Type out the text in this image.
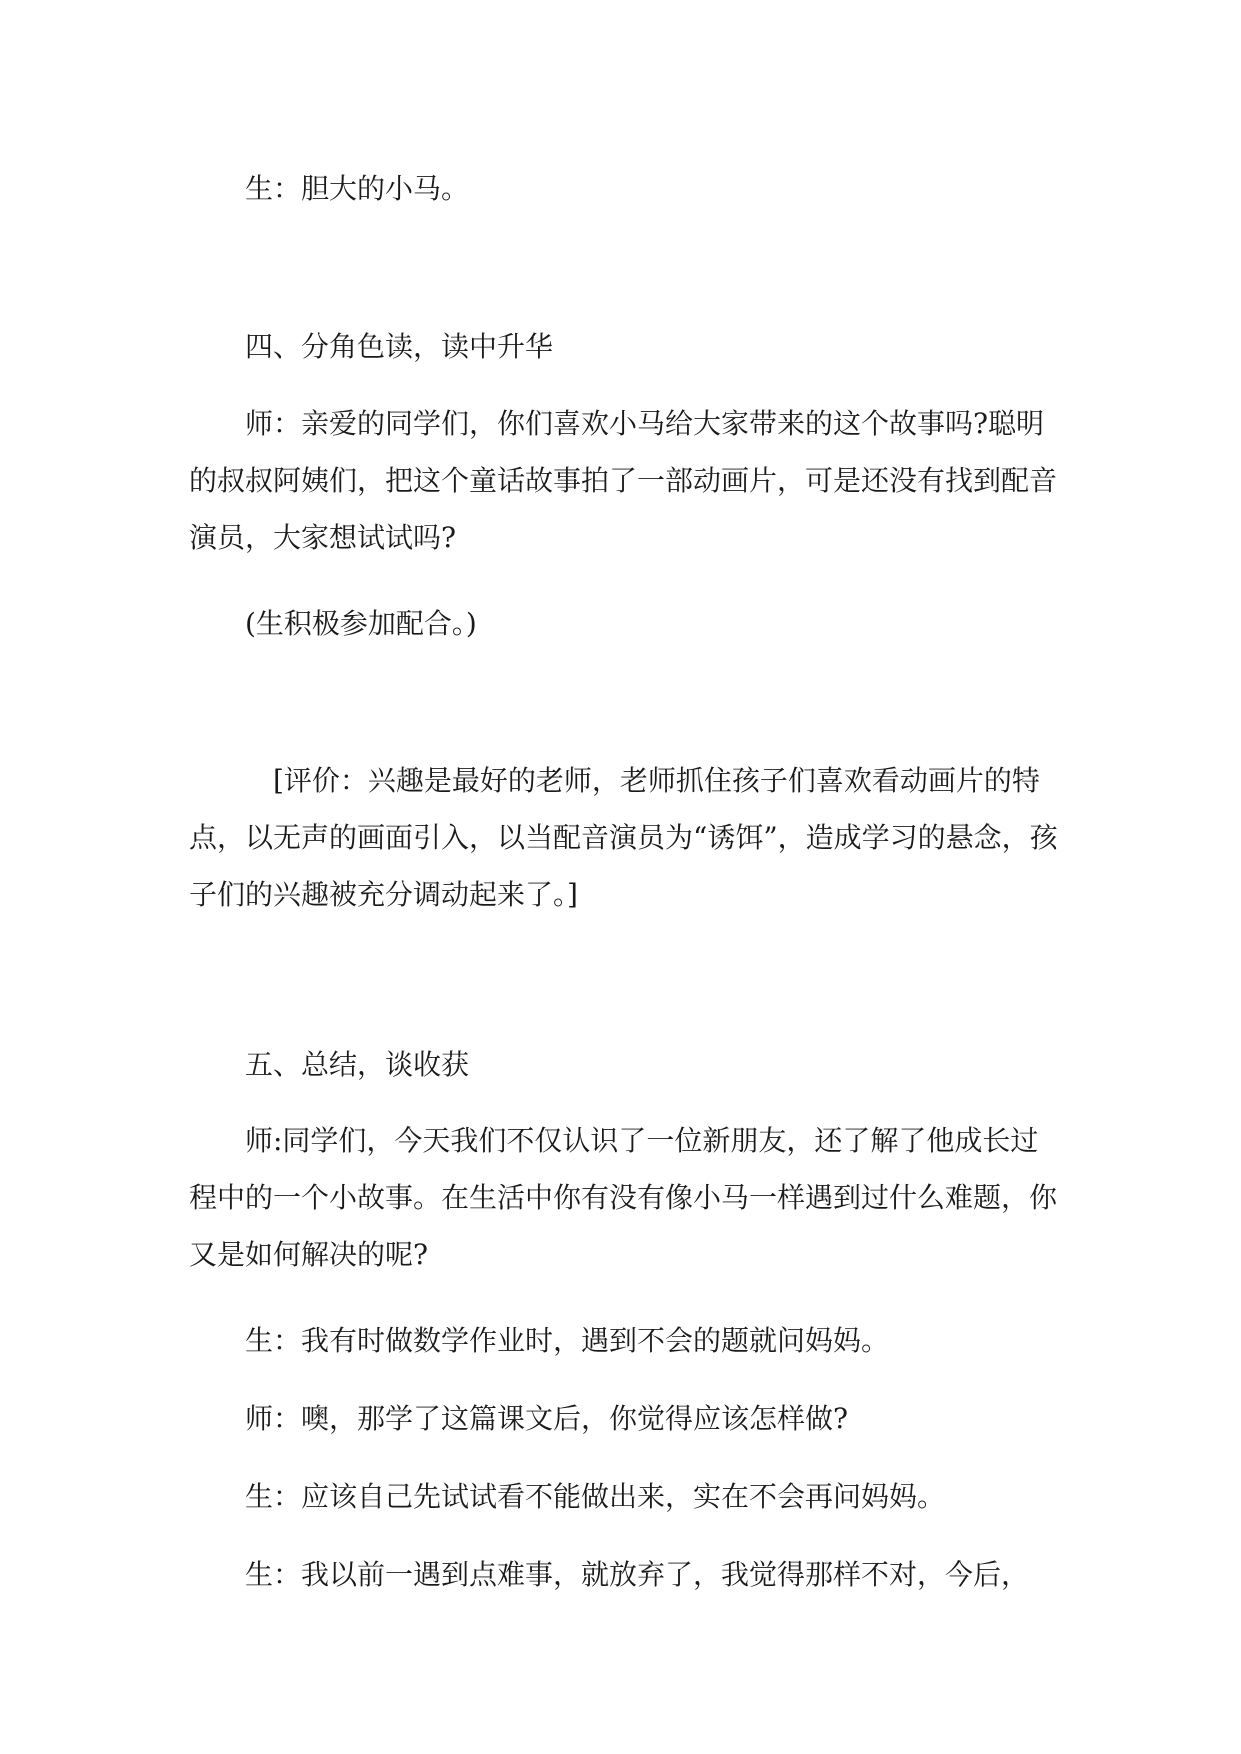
生：胆大的小马。

四、分角色读，读中升华

师：亲爱的同学们，你们喜欢小马给大家带来的这个故事吗?聪明的叔叔阿姨们，把这个童话故事拍了一部动画片，可是还没有找到配音演员，大家想试试吗?

(生积极参加配合。)

[评价：兴趣是最好的老师，老师抓住孩子们喜欢看动画片的特点，以无声的画面引入，以当配音演员为“诱饵”，造成学习的悬念，孩子们的兴趣被充分调动起来了。]

五、总结，谈收获

师:同学们，今天我们不仅认识了一位新朋友，还了解了他成长过程中的一个小故事。在生活中你有没有像小马一样遇到过什么难题，你又是如何解决的呢?

生：我有时做数学作业时，遇到不会的题就问妈妈。

师：噢，那学了这篇课文后，你觉得应该怎样做?

生：应该自己先试试看不能做出来，实在不会再问妈妈。

生：我以前一遇到点难事，就放弃了，我觉得那样不对，今后，
